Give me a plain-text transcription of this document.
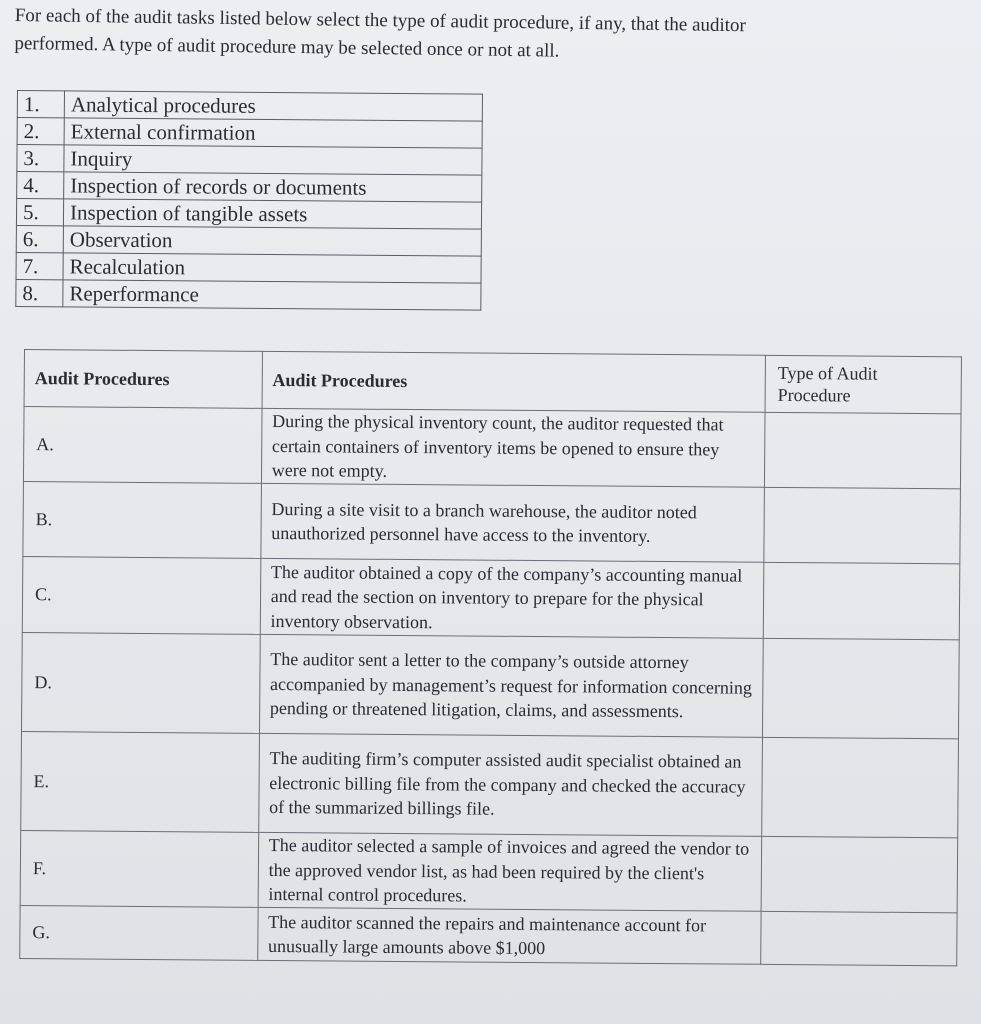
For each of the audit tasks listed below select the type of audit procedure, if any, that the auditor
performed. A type of audit procedure may be selected once or not at all.

1.	Analytical procedures
2.	External confirmation
3.	Inquiry
4.	Inspection of records or documents
5.	Inspection of tangible assets
6.	Observation
7.	Recalculation
8.	Reperformance
Audit Procedures	Audit Procedures	Type of Audit
Procedure
A.	During the physical inventory count, the auditor requested that certain containers of inventory items be opened to ensure they were not empty.	
B.	During a site visit to a branch warehouse, the auditor noted unauthorized personnel have access to the inventory.	
C.	The auditor obtained a copy of the company’s accounting manual and read the section on inventory to prepare for the physical inventory observation.	
D.	The auditor sent a letter to the company’s outside attorney accompanied by management’s request for information concerning pending or threatened litigation, claims, and assessments.	
E.	The auditing firm’s computer assisted audit specialist obtained an electronic billing file from the company and checked the accuracy of the summarized billings file.	
F.	The auditor selected a sample of invoices and agreed the vendor to the approved vendor list, as had been required by the client's internal control procedures.	
G.	The auditor scanned the repairs and maintenance account for unusually large amounts above $1,000	
